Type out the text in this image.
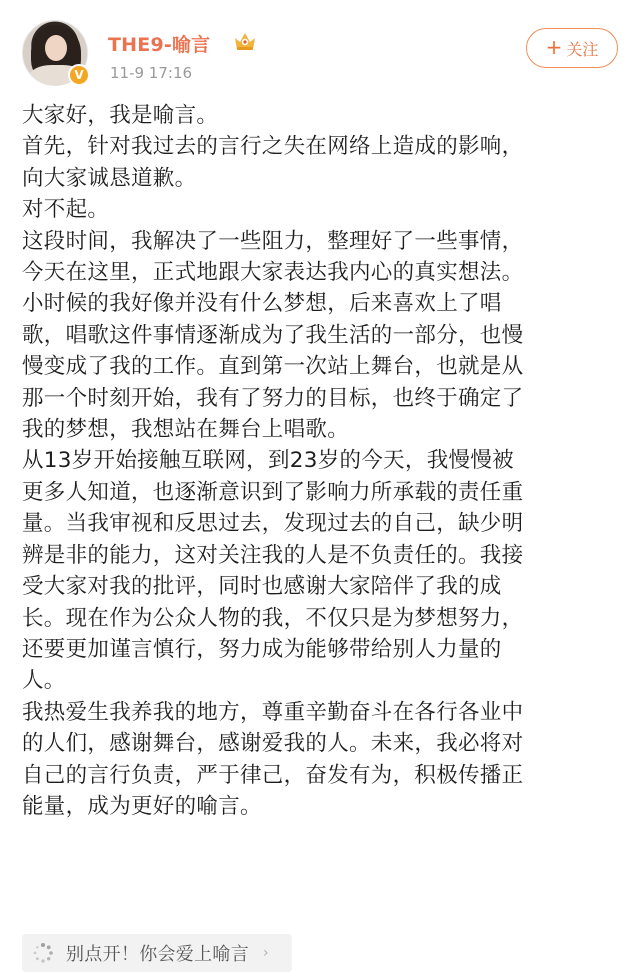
V
THE9-喻言
11-9 17:16
+ 关注
大家好，我是喻言。
首先，针对我过去的言行之失在网络上造成的影响，
向大家诚恳道歉。
对不起。
这段时间，我解决了一些阻力，整理好了一些事情，
今天在这里，正式地跟大家表达我内心的真实想法。
小时候的我好像并没有什么梦想，后来喜欢上了唱
歌，唱歌这件事情逐渐成为了我生活的一部分，也慢
慢变成了我的工作。直到第一次站上舞台，也就是从
那一个时刻开始，我有了努力的目标，也终于确定了
我的梦想，我想站在舞台上唱歌。
从13岁开始接触互联网，到23岁的今天，我慢慢被
更多人知道，也逐渐意识到了影响力所承载的责任重
量。当我审视和反思过去，发现过去的自己，缺少明
辨是非的能力，这对关注我的人是不负责任的。我接
受大家对我的批评，同时也感谢大家陪伴了我的成
长。现在作为公众人物的我，不仅只是为梦想努力，
还要更加谨言慎行，努力成为能够带给别人力量的
人。
我热爱生我养我的地方，尊重辛勤奋斗在各行各业中
的人们，感谢舞台，感谢爱我的人。未来，我必将对
自己的言行负责，严于律己，奋发有为，积极传播正
能量，成为更好的喻言。
别点开！你会爱上喻言 ›
